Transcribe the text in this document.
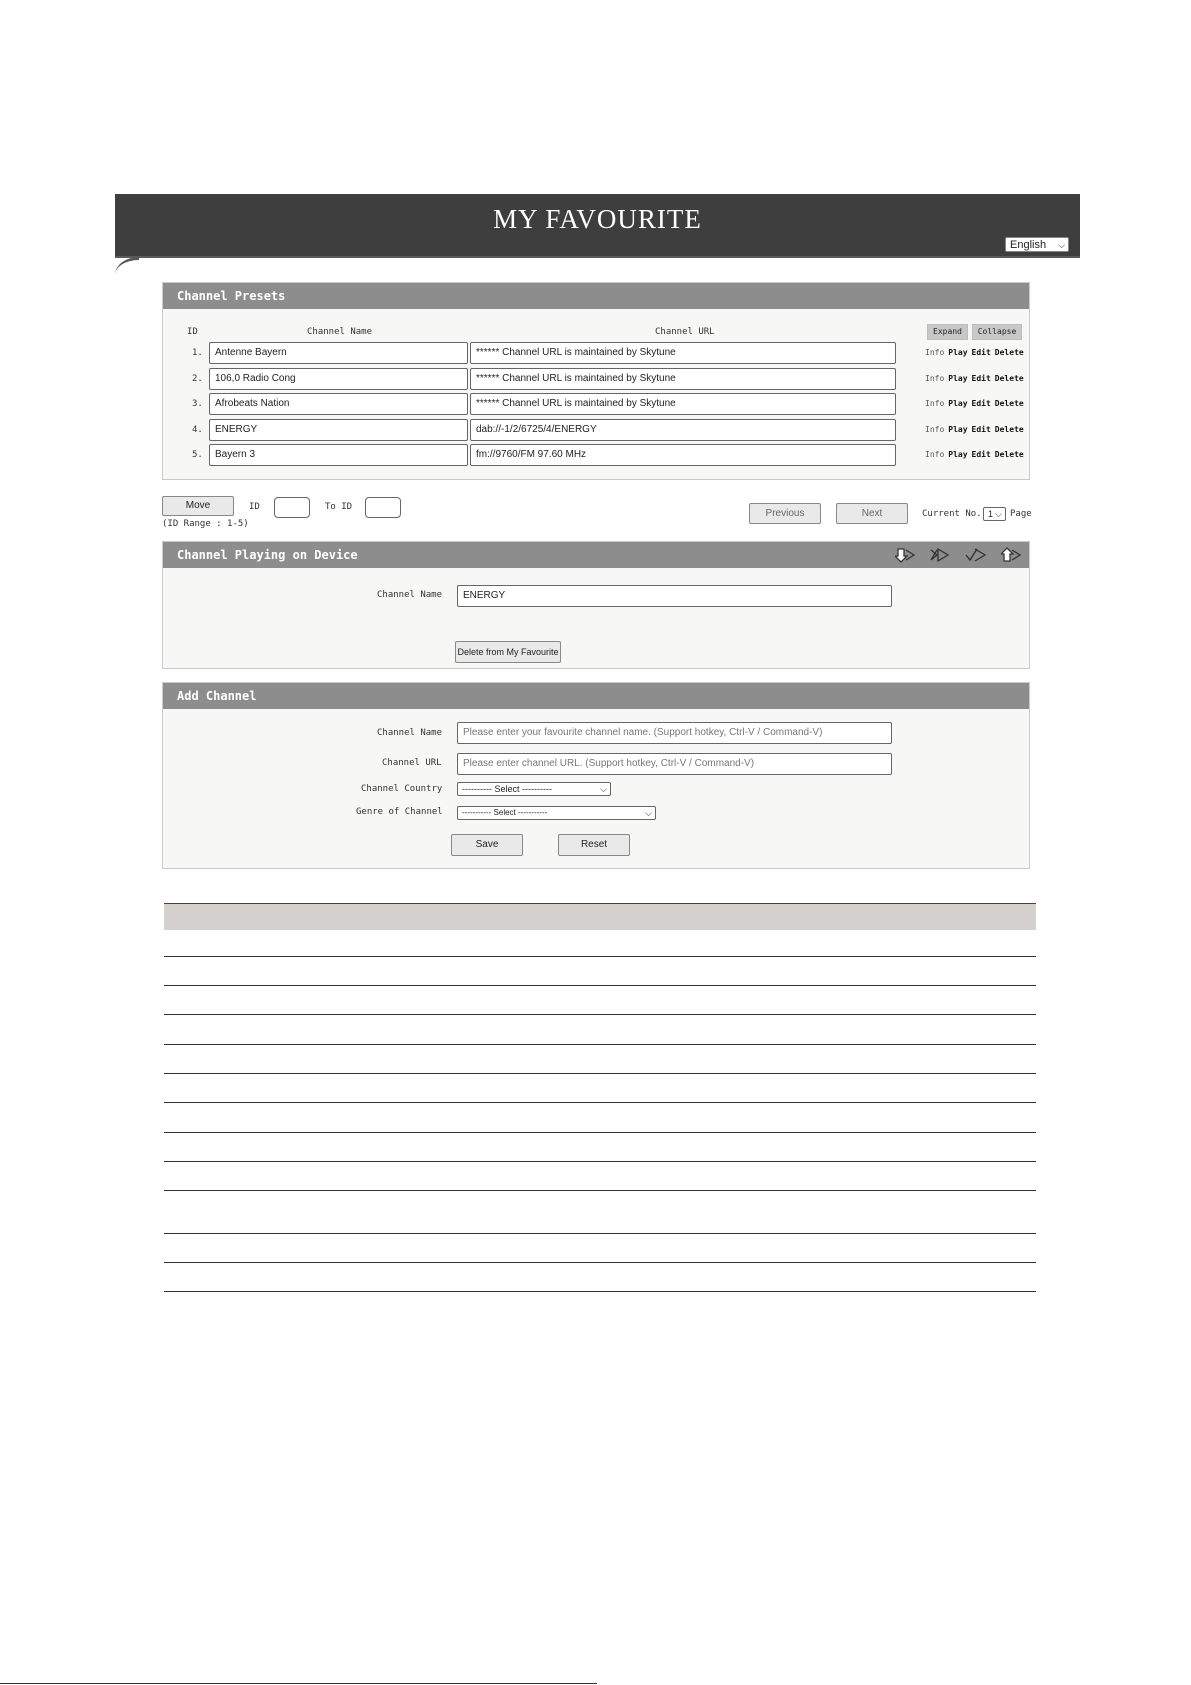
MY FAVOURITE
English ⌵
Channel Presets
ID	Channel Name	Channel URL	Expand	Collapse
1.	Antenne Bayern	****** Channel URL is maintained by Skytune	Info Play Edit Delete
2.	106,0 Radio Cong	****** Channel URL is maintained by Skytune	Info Play Edit Delete
3.	Afrobeats Nation	****** Channel URL is maintained by Skytune	Info Play Edit Delete
4.	ENERGY	dab://-1/2/6725/4/ENERGY	Info Play Edit Delete
5.	Bayern 3	fm://9760/FM 97.60 MHz	Info Play Edit Delete
Move	ID	To ID
(ID Range : 1-5)
Previous	Next	Current No. 1 ⌵ Page
Channel Playing on Device
Channel Name	ENERGY
Delete from My Favourite
Add Channel
Channel Name	Please enter your favourite channel name. (Support hotkey, Ctrl-V / Command-V)
Channel URL	Please enter channel URL. (Support hotkey, Ctrl-V / Command-V)
Channel Country	---------- Select ----------	⌵
Genre of Channel	----------- Select -----------	⌵
Save	Reset
